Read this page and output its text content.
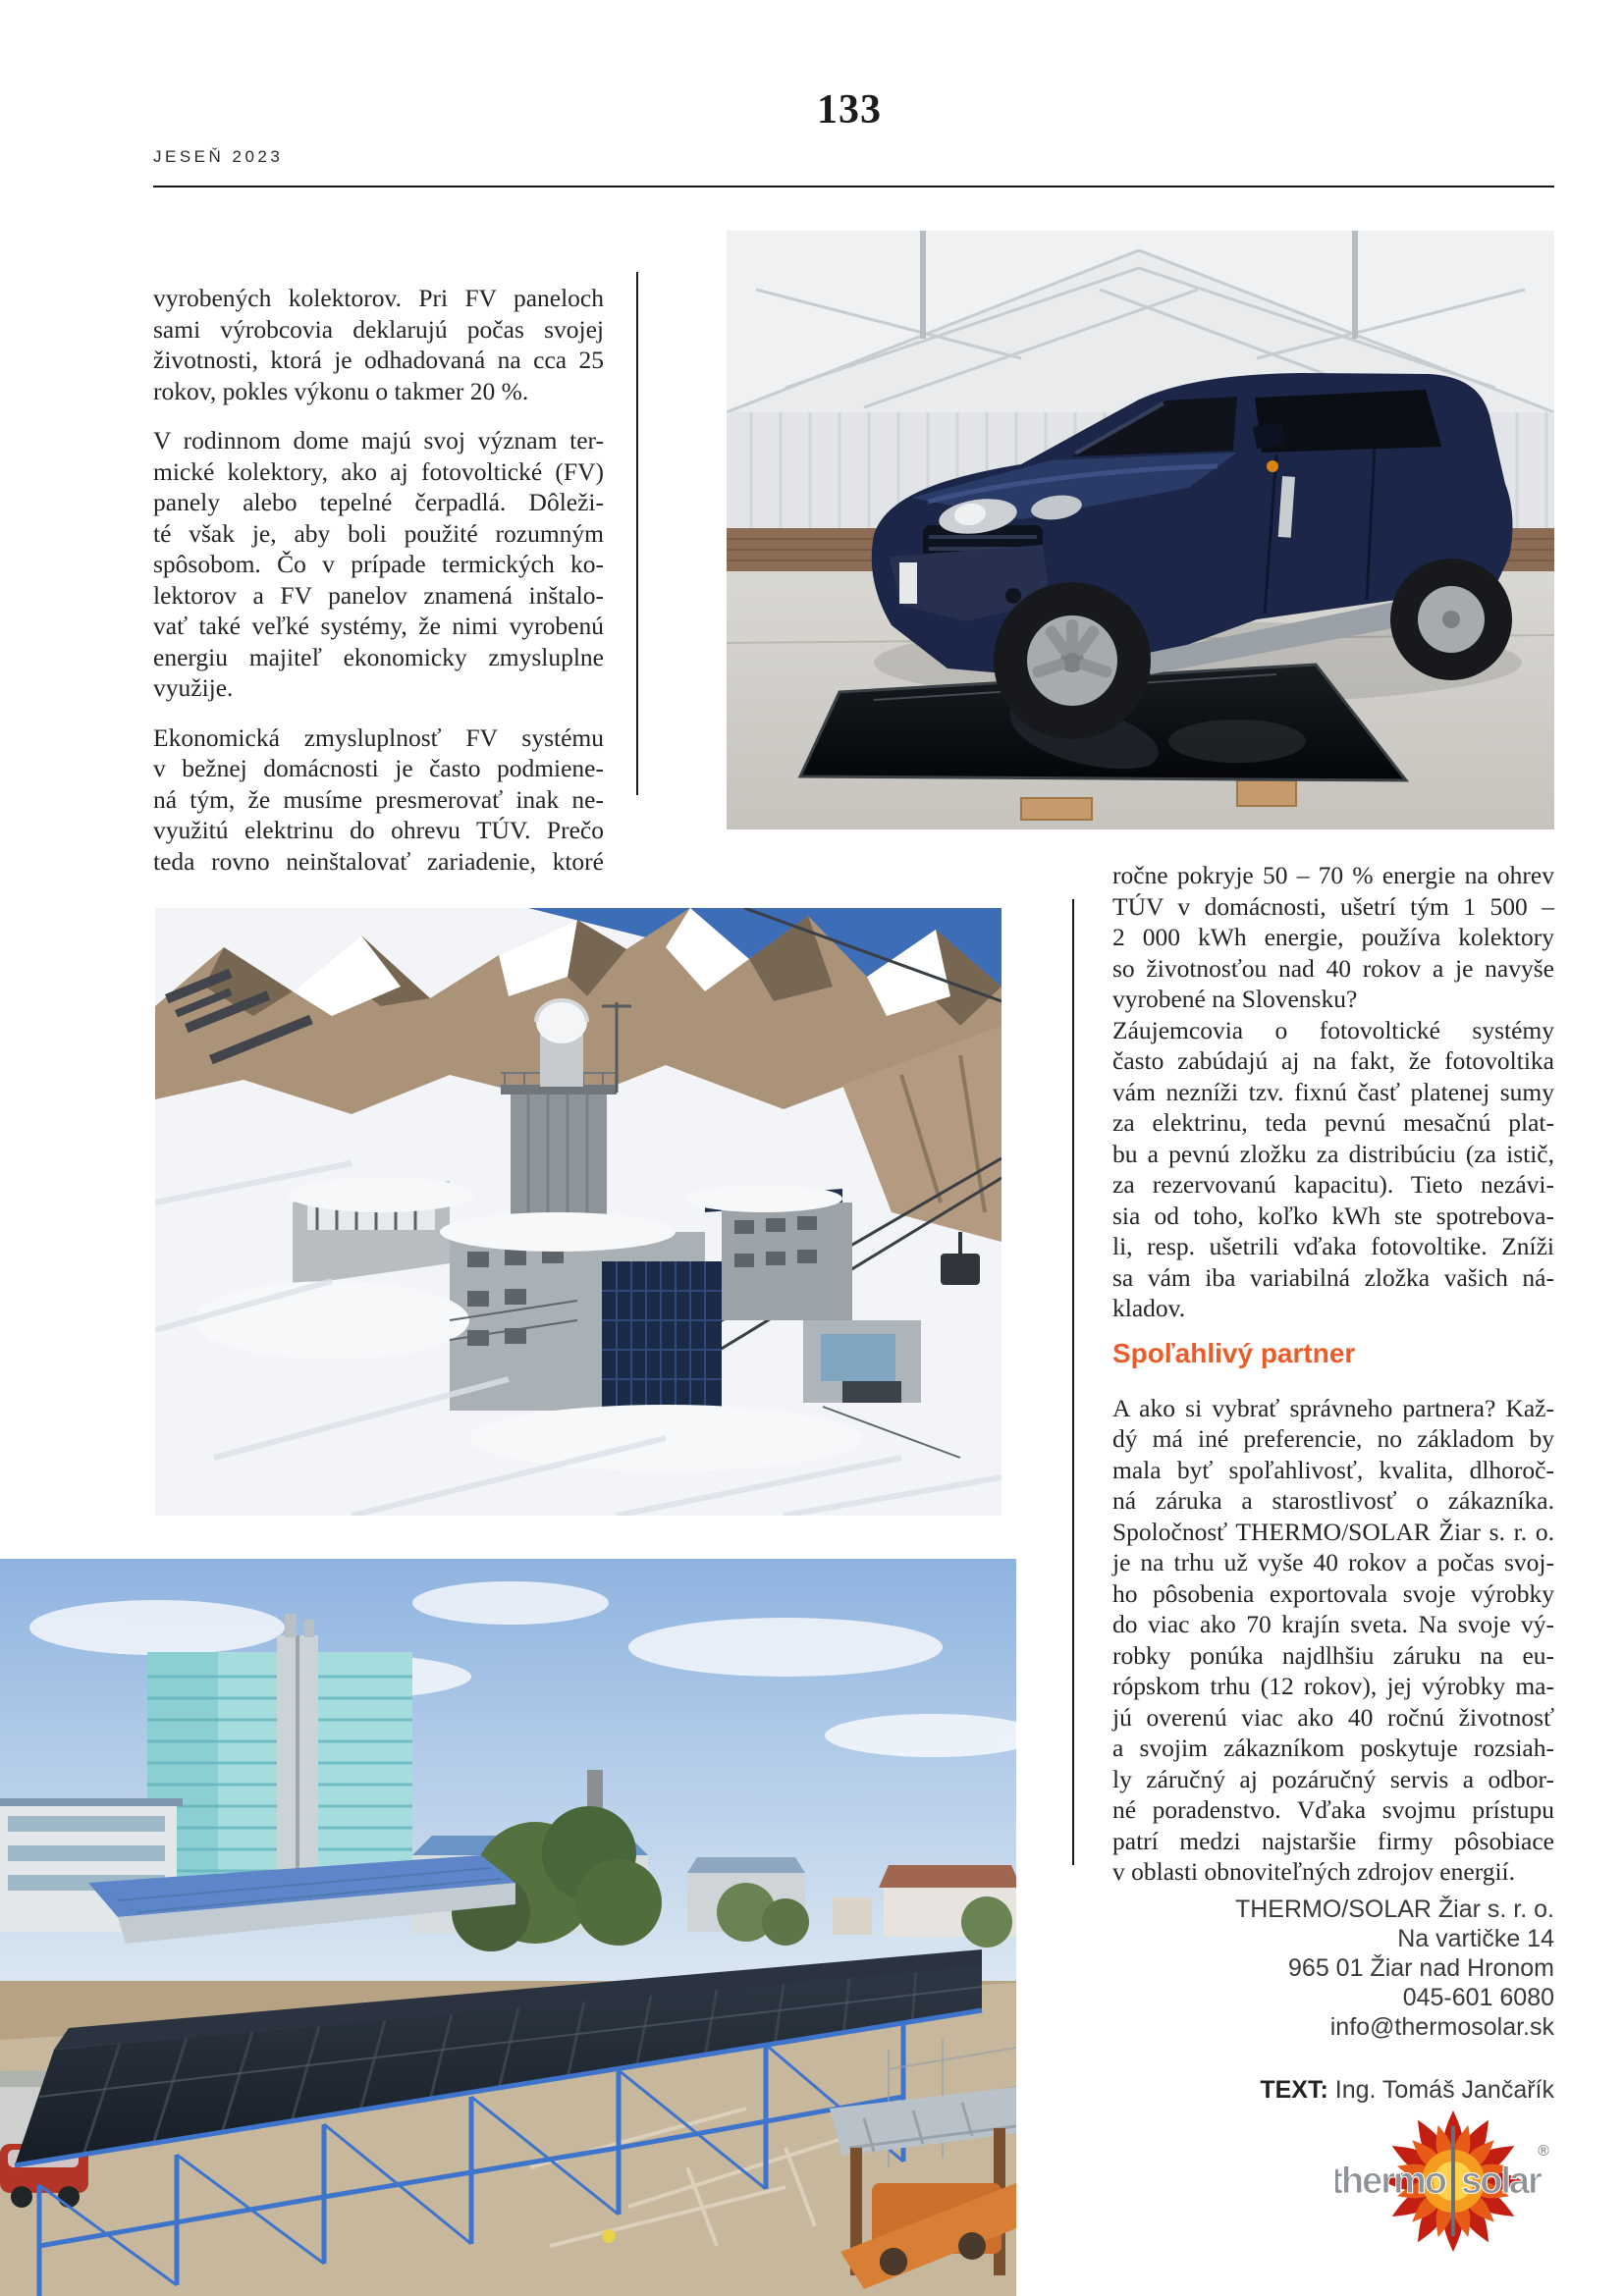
133
JESEŇ 2023
vyrobených kolektorov. Pri FV paneloch
sami výrobcovia deklarujú počas svojej
životnosti, ktorá je odhadovaná na cca 25
rokov, pokles výkonu o takmer 20 %.
V rodinnom dome majú svoj význam ter-
mické kolektory, ako aj fotovoltické (FV)
panely alebo tepelné čerpadlá. Dôleži-
té však je, aby boli použité rozumným
spôsobom. Čo v prípade termických ko-
lektorov a FV panelov znamená inštalo-
vať také veľké systémy, že nimi vyrobenú
energiu majiteľ ekonomicky zmysluplne
využije.
Ekonomická zmysluplnosť FV systému
v bežnej domácnosti je často podmiene-
ná tým, že musíme presmerovať inak ne-
využitú elektrinu do ohrevu TÚV. Prečo
teda rovno neinštalovať zariadenie, ktoré	ročne pokryje 50 – 70 % energie na ohrev
TÚV v domácnosti, ušetrí tým 1 500 –
2 000 kWh energie, používa kolektory
so životnosťou nad 40 rokov a je navyše
vyrobené na Slovensku?
Záujemcovia o fotovoltické systémy
často zabúdajú aj na fakt, že fotovoltika
vám nezníži tzv. fixnú časť platenej sumy
za elektrinu, teda pevnú mesačnú plat-
bu a pevnú zložku za distribúciu (za istič,
za rezervovanú kapacitu). Tieto nezávi-
sia od toho, koľko kWh ste spotrebova-
li, resp. ušetrili vďaka fotovoltike. Zníži
sa vám iba variabilná zložka vašich ná-
kladov.
Spoľahlivý partner
A ako si vybrať správneho partnera? Kaž-
dý má iné preferencie, no základom by
mala byť spoľahlivosť, kvalita, dlhoroč-
ná záruka a starostlivosť o zákazníka.
Spoločnosť THERMO/SOLAR Žiar s. r. o.
je na trhu už vyše 40 rokov a počas svoj-
ho pôsobenia exportovala svoje výrobky
do viac ako 70 krajín sveta. Na svoje vý-
robky ponúka najdlhšiu záruku na eu-
rópskom trhu (12 rokov), jej výrobky ma-
jú overenú viac ako 40 ročnú životnosť
a svojim zákazníkom poskytuje rozsiah-
ly záručný aj pozáručný servis a odbor-
né poradenstvo. Vďaka svojmu prístupu
patrí medzi najstaršie firmy pôsobiace
v oblasti obnoviteľných zdrojov energií.
THERMO/SOLAR Žiar s. r. o.
Na vartičke 14
965 01 Žiar nad Hronom
045-601 6080
info@thermosolar.sk
TEXT: Ing. Tomáš Jančařík
thermo solar
®
